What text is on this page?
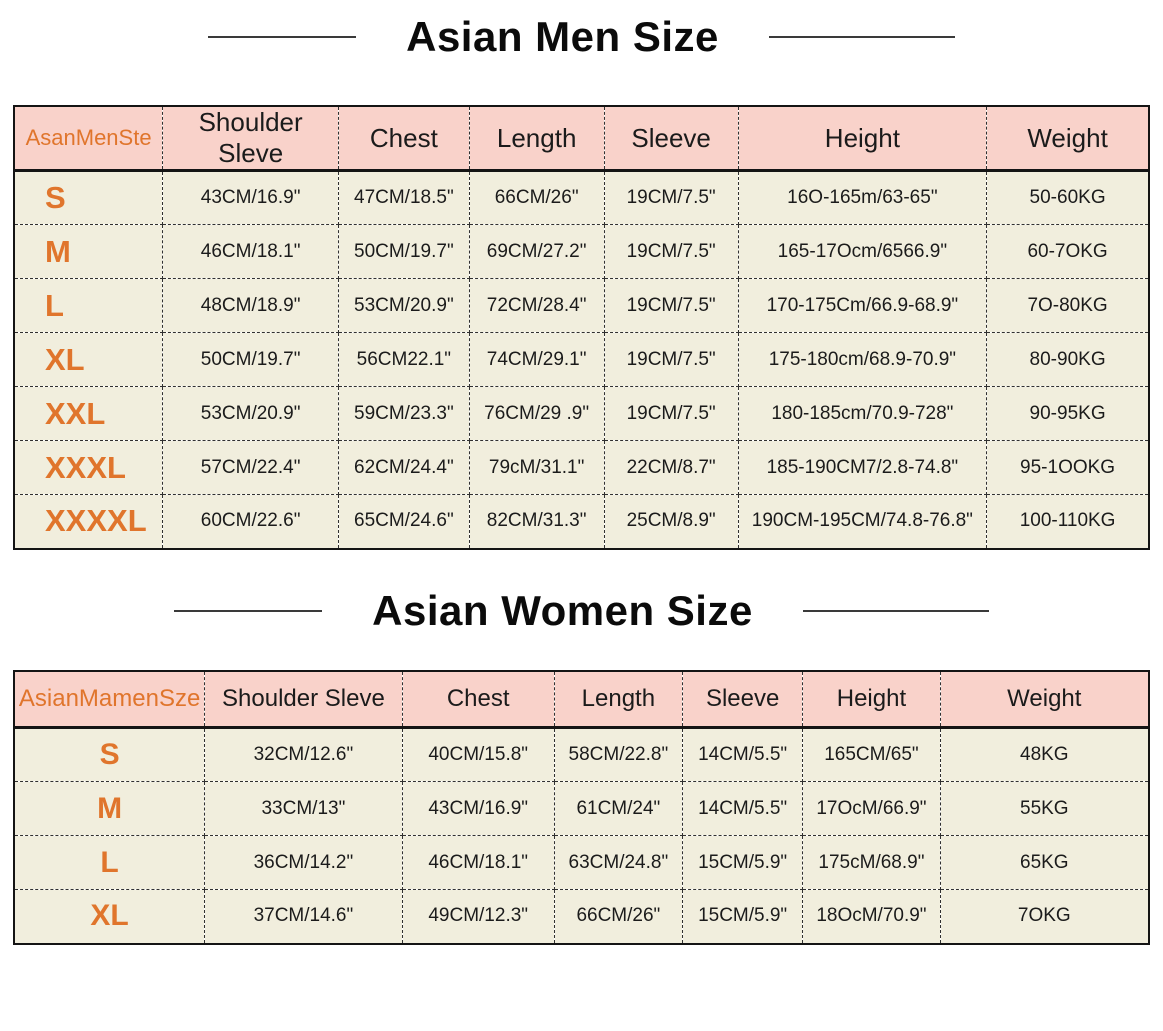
Asian Men Size
AsanMenSte	Shoulder Sleve	Chest	Length	Sleeve	Height	Weight
S	43CM/16.9"	47CM/18.5"	66CM/26"	19CM/7.5"	16O-165m/63-65"	50-60KG
M	46CM/18.1"	50CM/19.7"	69CM/27.2"	19CM/7.5"	165-17Ocm/6566.9"	60-7OKG
L	48CM/18.9"	53CM/20.9"	72CM/28.4"	19CM/7.5"	170-175Cm/66.9-68.9"	7O-80KG
XL	50CM/19.7"	56CM22.1"	74CM/29.1"	19CM/7.5"	175-180cm/68.9-70.9"	80-90KG
XXL	53CM/20.9"	59CM/23.3"	76CM/29 .9"	19CM/7.5"	180-185cm/70.9-728"	90-95KG
XXXL	57CM/22.4"	62CM/24.4"	79cM/31.1"	22CM/8.7"	185-190CM7/2.8-74.8"	95-1OOKG
XXXXL	60CM/22.6"	65CM/24.6"	82CM/31.3"	25CM/8.9"	190CM-195CM/74.8-76.8"	100-110KG
Asian Women Size
AsianMamenSze	Shoulder Sleve	Chest	Length	Sleeve	Height	Weight
S	32CM/12.6"	40CM/15.8"	58CM/22.8"	14CM/5.5"	165CM/65"	48KG
M	33CM/13"	43CM/16.9"	61CM/24"	14CM/5.5"	17OcM/66.9"	55KG
L	36CM/14.2"	46CM/18.1"	63CM/24.8"	15CM/5.9"	175cM/68.9"	65KG
XL	37CM/14.6"	49CM/12.3"	66CM/26"	15CM/5.9"	18OcM/70.9"	7OKG
